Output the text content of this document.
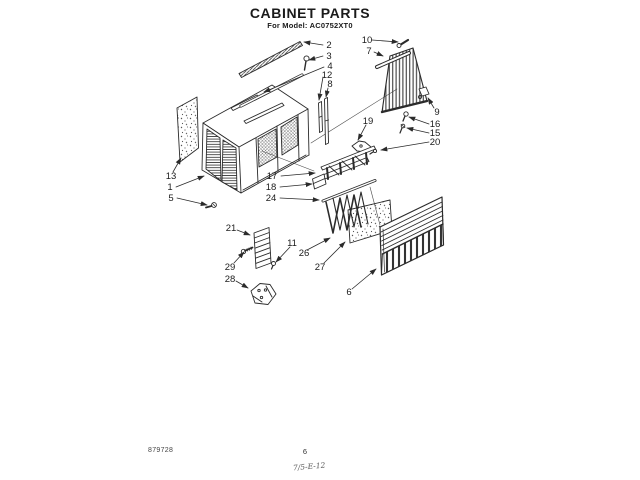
CABINET PARTS
For Model: AC0752XT0
2
3
4
12
8
10
7
9
16
15
20
19
13
1
5
17
18
24
21
29
28
11
26
27
6
879728	6
7/5-E-12
